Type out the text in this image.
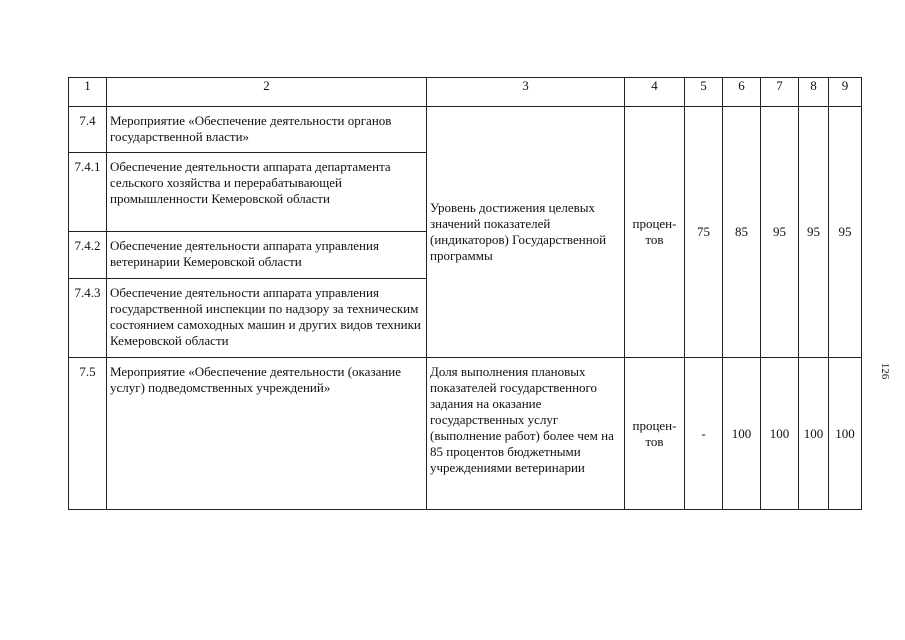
1	2	3	4	5	6	7	8	9
7.4	Мероприятие «Обеспечение деятельности органов государственной власти»	Уровень достижения целевых значений показателей (индикаторов) Государственной программы	процен-тов	75	85	95	95	95
7.4.1	Обеспечение деятельности аппарата департамента сельского хозяйства и перерабатывающей промышленности Кемеровской области							
7.4.2	Обеспечение деятельности аппарата управления ветеринарии Кемеровской области							
7.4.3	Обеспечение деятельности аппарата управления государственной инспекции по надзору за техническим состоянием самоходных машин и других видов техники Кемеровской области							
7.5	Мероприятие «Обеспечение деятельности (оказание услуг) подведомственных учреждений»	Доля выполнения плановых показателей государственного задания на оказание государственных услуг (выполнение работ) более чем на 85 процентов бюджетными учреждениями ветеринарии	процен-тов	-	100	100	100	100
126
